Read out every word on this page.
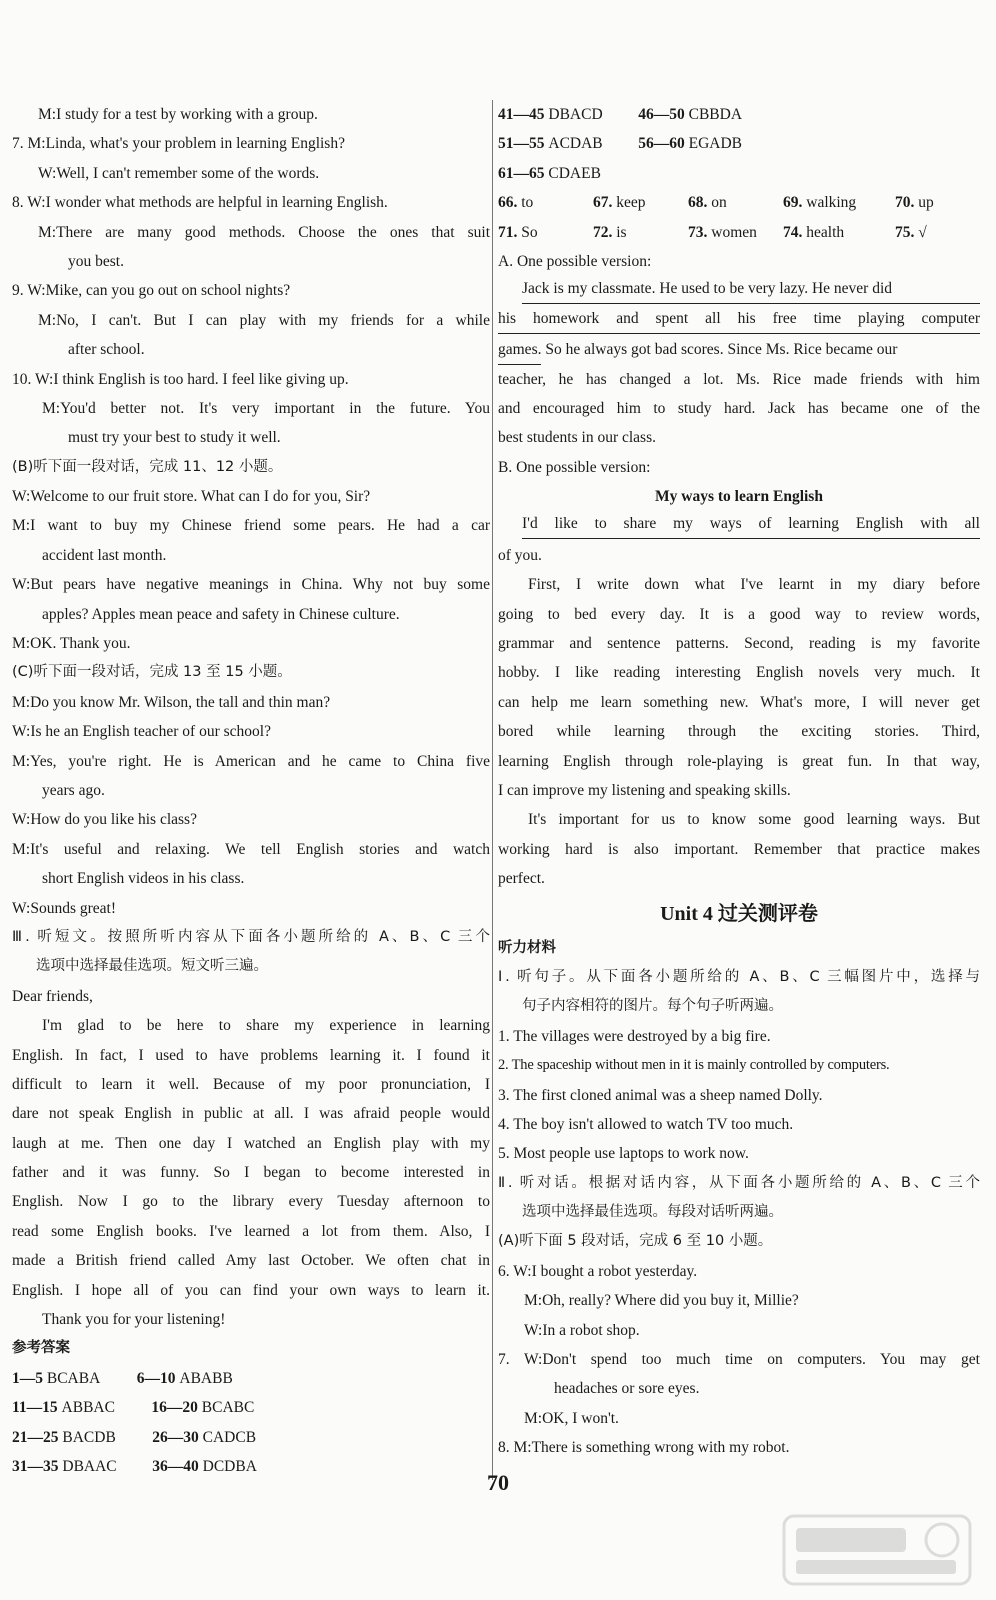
M:I study for a test by working with a group.
7. M:Linda, what's your problem in learning English?
W:Well, I can't remember some of the words.
8. W:I wonder what methods are helpful in learning English.
M:There are many good methods. Choose the ones that suit
you best.
9. W:Mike, can you go out on school nights?
M:No, I can't. But I can play with my friends for a while
after school.
10. W:I think English is too hard. I feel like giving up.
M:You'd better not. It's very important in the future. You
must try your best to study it well.
(B)听下面一段对话，完成 11、12 小题。
W:Welcome to our fruit store. What can I do for you, Sir?
M:I want to buy my Chinese friend some pears. He had a car
accident last month.
W:But pears have negative meanings in China. Why not buy some
apples? Apples mean peace and safety in Chinese culture.
M:OK. Thank you.
(C)听下面一段对话，完成 13 至 15 小题。
M:Do you know Mr. Wilson, the tall and thin man?
W:Is he an English teacher of our school?
M:Yes, you're right. He is American and he came to China five
years ago.
W:How do you like his class?
M:It's useful and relaxing. We tell English stories and watch
short English videos in his class.
W:Sounds great!
Ⅲ. 听短文。按照所听内容从下面各小题所给的 A、B、C 三个
选项中选择最佳选项。短文听三遍。
Dear friends,
I'm glad to be here to share my experience in learning
English. In fact, I used to have problems learning it. I found it
difficult to learn it well. Because of my poor pronunciation, I
dare not speak English in public at all. I was afraid people would
laugh at me. Then one day I watched an English play with my
father and it was funny. So I began to become interested in
English. Now I go to the library every Tuesday afternoon to
read some English books. I've learned a lot from them. Also, I
made a British friend called Amy last October. We often chat in
English. I hope all of you can find your own ways to learn it.
Thank you for your listening!
参考答案
1—5 BCABA 6—10 ABABB
11—15 ABBAC 16—20 BCABC
21—25 BACDB 26—30 CADCB
31—35 DBAAC 36—40 DCDBA
41—45 DBACD 46—50 CBBDA
51—55 ACDAB 56—60 EGADB
61—65 CDAEB
66. to	67. keep	68. on	69. walking	70. up
71. So	72. is	73. women 74. health	75. √
A. One possible version:
Jack is my classmate. He used to be very lazy. He never did
his homework and spent all his free time playing computer
games. So he always got bad scores. Since Ms. Rice became our
teacher, he has changed a lot. Ms. Rice made friends with him
and encouraged him to study hard. Jack has became one of the
best students in our class.
B. One possible version:
My ways to learn English
I'd like to share my ways of learning English with all
of you.
First, I write down what I've learnt in my diary before
going to bed every day. It is a good way to review words,
grammar and sentence patterns. Second, reading is my favorite
hobby. I like reading interesting English novels very much. It
can help me learn something new. What's more, I will never get
bored while learning through the exciting stories. Third,
learning English through role-playing is great fun. In that way,
I can improve my listening and speaking skills.
It's important for us to know some good learning ways. But
working hard is also important. Remember that practice makes
perfect.
Unit 4 过关测评卷
听力材料
Ⅰ. 听句子。从下面各小题所给的 A、B、C 三幅图片中，选择与
句子内容相符的图片。每个句子听两遍。
1. The villages were destroyed by a big fire.
2. The spaceship without men in it is mainly controlled by computers.
3. The first cloned animal was a sheep named Dolly.
4. The boy isn't allowed to watch TV too much.
5. Most people use laptops to work now.
Ⅱ. 听对话。根据对话内容，从下面各小题所给的 A、B、C 三个
选项中选择最佳选项。每段对话听两遍。
(A)听下面 5 段对话，完成 6 至 10 小题。
6. W:I bought a robot yesterday.
M:Oh, really? Where did you buy it, Millie?
W:In a robot shop.
7. W:Don't spend too much time on computers. You may get
headaches or sore eyes.
M:OK, I won't.
8. M:There is something wrong with my robot.
70
